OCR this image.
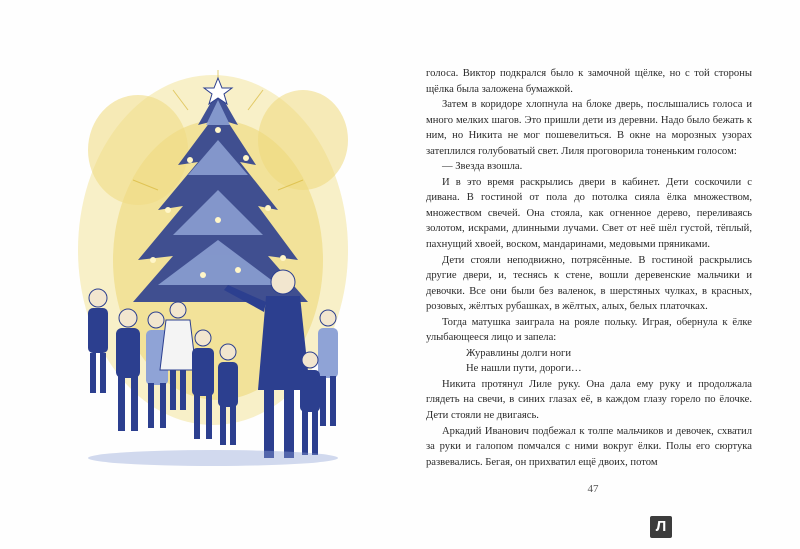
голоса. Виктор подкрался было к замочной щёлке, но с той стороны щёлка была заложена бумажкой.

Затем в коридоре хлопнула на блоке дверь, послышались голоса и много мелких шагов. Это пришли дети из деревни. Надо было бежать к ним, но Никита не мог пошевелиться. В окне на морозных узорах затеплился голубоватый свет. Лиля проговорила тоненьким голосом:

— Звезда взошла.

И в это время раскрылись двери в кабинет. Дети соскочили с дивана. В гостиной от пола до потолка сияла ёлка множеством, множеством свечей. Она стояла, как огненное дерево, переливаясь золотом, искрами, длинными лучами. Свет от неё шёл густой, тёплый, пахнущий хвоей, воском, мандаринами, медовыми пряниками.

Дети стояли неподвижно, потрясённые. В гостиной раскрылись другие двери, и, теснясь к стене, вошли деревенские мальчики и девочки. Все они были без валенок, в шерстяных чулках, в красных, розовых, жёлтых рубашках, в жёлтых, алых, белых платочках.

Тогда матушка заиграла на рояле польку. Играя, обернула к ёлке улыбающееся лицо и запела:

Журавлины долги ноги

Не нашли пути, дороги…

Никита протянул Лиле руку. Она дала ему руку и продолжала глядеть на свечи, в синих глазах её, в каждом глазу горело по ёлочке. Дети стояли не двигаясь.

Аркадий Иванович подбежал к толпе мальчиков и девочек, схватил за руки и галопом помчался с ними вокруг ёлки. Полы его сюртука развевались. Бегая, он прихватил ещё двоих, потом

47
Л
